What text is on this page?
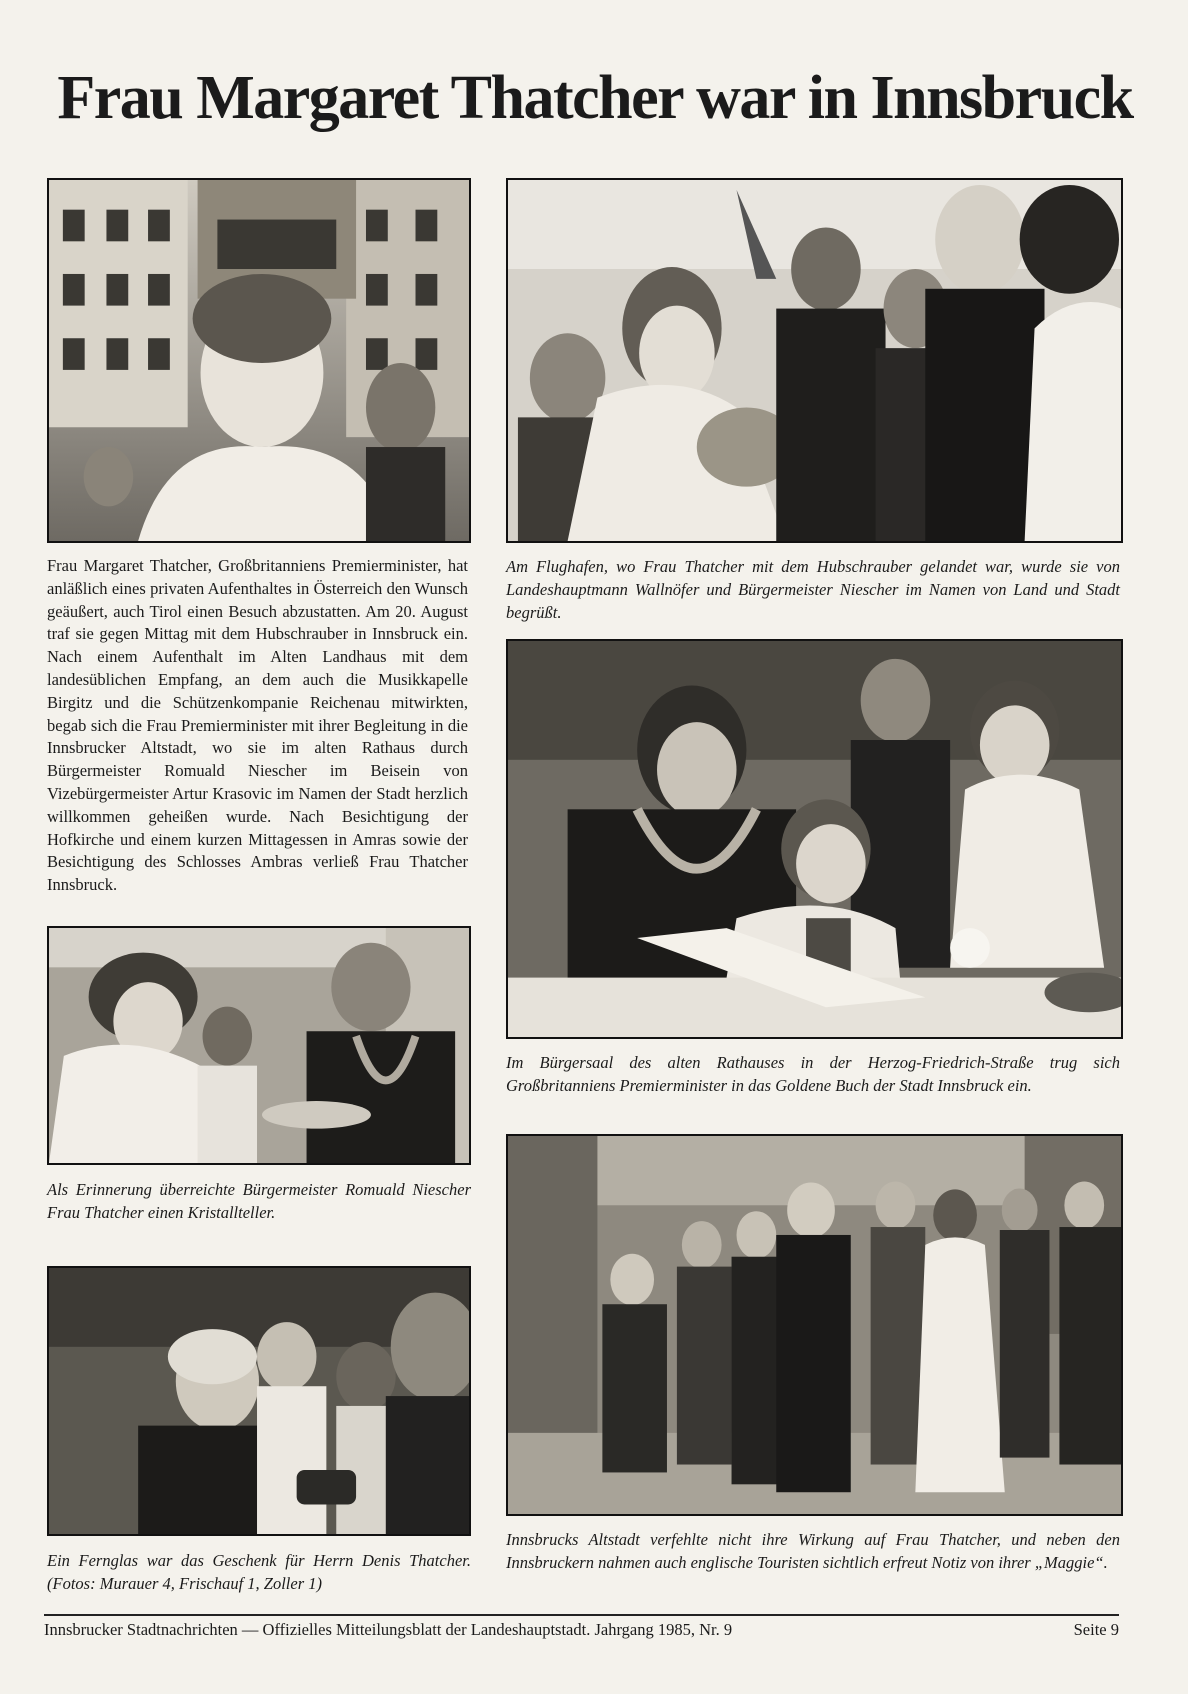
Frau Margaret Thatcher war in Innsbruck
Am Flughafen, wo Frau Thatcher mit dem Hubschrauber gelandet war, wurde sie von Landeshauptmann Wallnöfer und Bürgermeister Niescher im Namen von Land und Stadt begrüßt.
Frau Margaret Thatcher, Großbritanniens Premierminister, hat anläßlich eines privaten Aufenthaltes in Österreich den Wunsch geäußert, auch Tirol einen Besuch abzustatten. Am 20. August traf sie gegen Mittag mit dem Hubschrauber in Innsbruck ein. Nach einem Aufenthalt im Alten Landhaus mit dem landesüblichen Empfang, an dem auch die Musikkapelle Birgitz und die Schützenkompanie Reichenau mitwirkten, begab sich die Frau Premierminister mit ihrer Begleitung in die Innsbrucker Altstadt, wo sie im alten Rathaus durch Bürgermeister Romuald Niescher im Beisein von Vizebürgermeister Artur Krasovic im Namen der Stadt herzlich willkommen geheißen wurde. Nach Besichtigung der Hofkirche und einem kurzen Mittagessen in Amras sowie der Besichtigung des Schlosses Ambras verließ Frau Thatcher Innsbruck.
Im Bürgersaal des alten Rathauses in der Herzog-Friedrich-Straße trug sich Großbritanniens Premierminister in das Goldene Buch der Stadt Innsbruck ein.
Als Erinnerung überreichte Bürgermeister Romuald Niescher Frau Thatcher einen Kristallteller.
Ein Fernglas war das Geschenk für Herrn Denis Thatcher. (Fotos: Murauer 4, Frischauf 1, Zoller 1)
Innsbrucks Altstadt verfehlte nicht ihre Wirkung auf Frau Thatcher, und neben den Innsbruckern nahmen auch englische Touristen sichtlich erfreut Notiz von ihrer „Maggie“.
Innsbrucker Stadtnachrichten — Offizielles Mitteilungsblatt der Landeshauptstadt. Jahrgang 1985, Nr. 9	Seite 9
